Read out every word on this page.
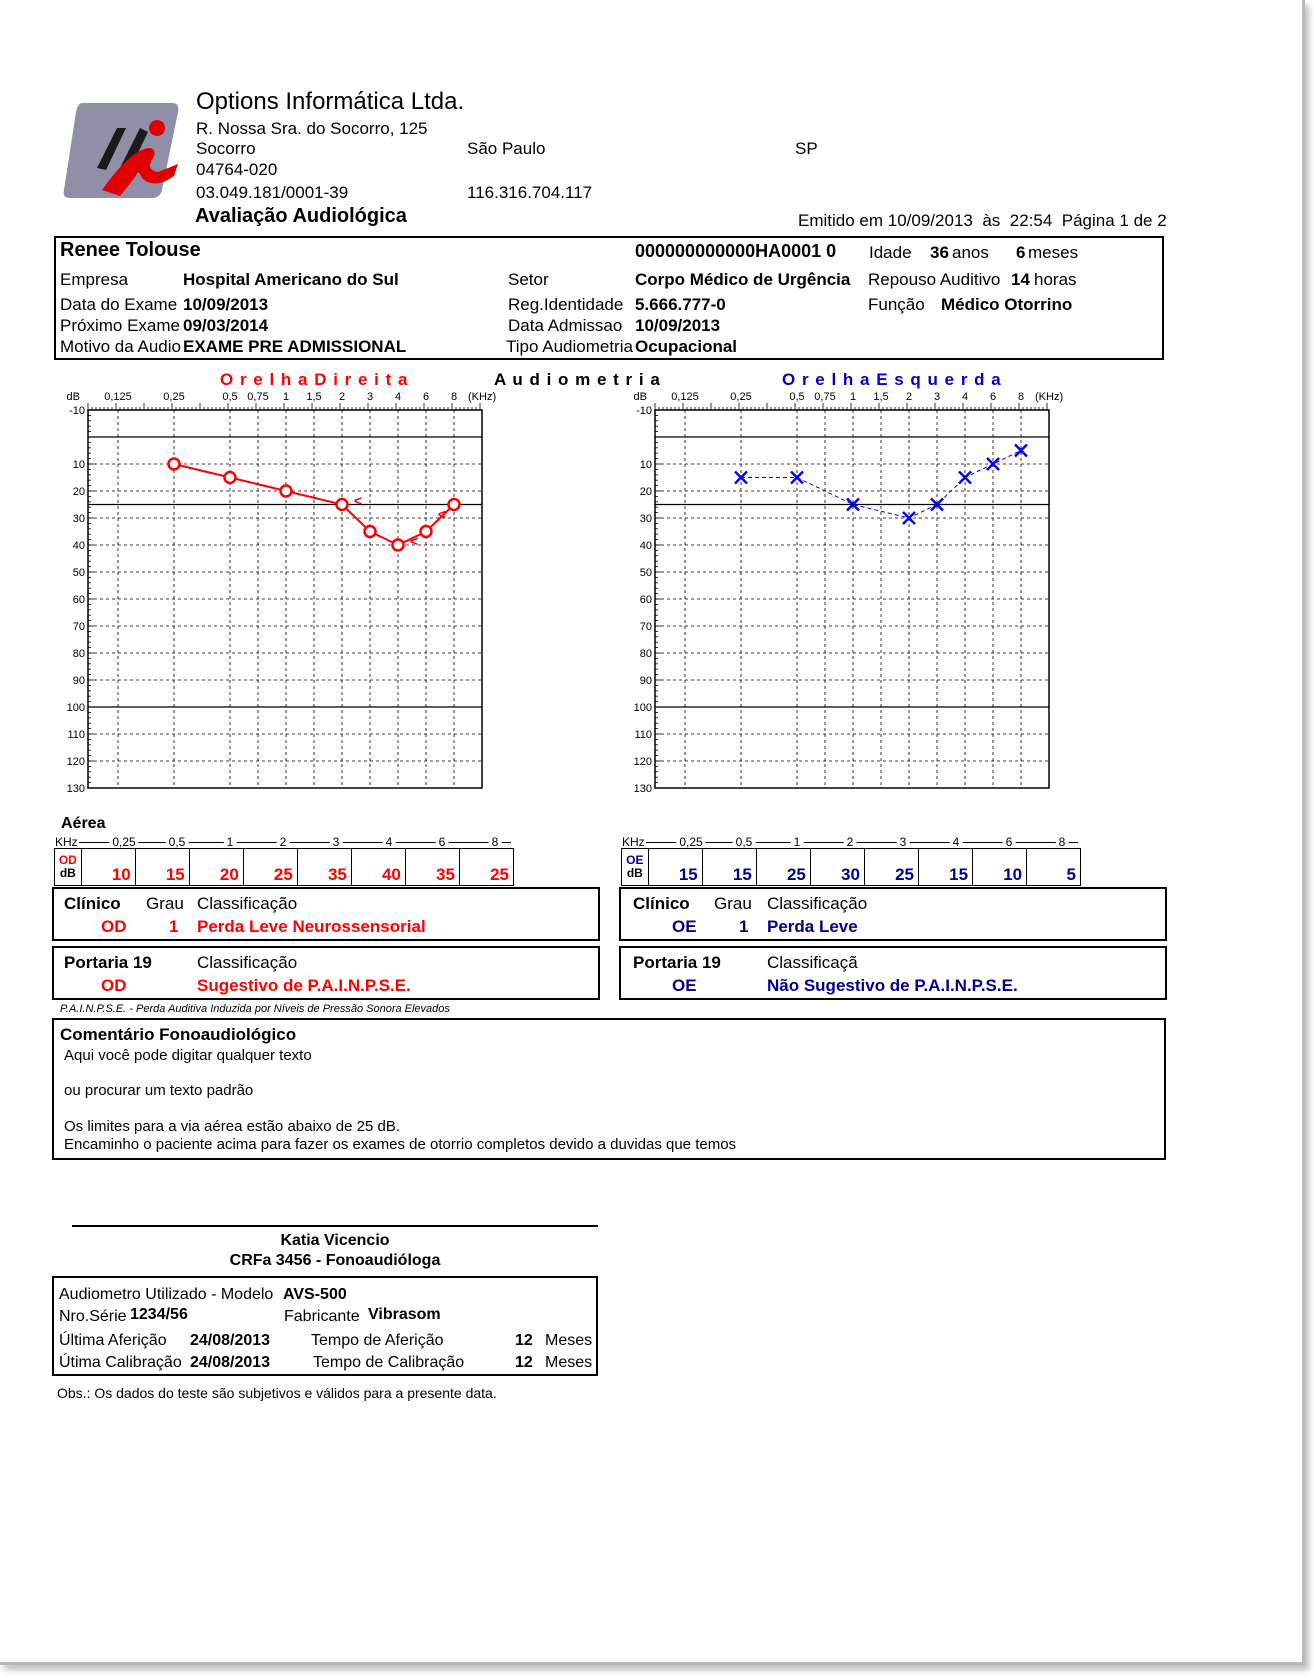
Options Informática Ltda.
R. Nossa Sra. do Socorro, 125
Socorro	São Paulo	SP
04764-020
03.049.181/0001-39	116.316.704.117
Avaliação Audiológica	Emitido em 10/09/2013 às 22:54 Página 1 de 2
Renee Tolouse	000000000000HA0001 0 Idade 36 anos 6 meses
Empresa	Hospital Americano do Sul	Setor	Corpo Médico de Urgência Repouso Auditivo 14 horas
Data do Exame 10/09/2013	Reg.Identidade 5.666.777-0	Função Médico Otorrino
Próximo Exame 09/03/2014	Data Admissao 10/09/2013
Motivo da Audio EXAME PRE ADMISSIONAL	Tipo Audiometria Ocupacional
O r e l h a D i r e i t a	A u d i o m e t r i a	O r e l h a E s q u e r d a
-10
10
20
30
40
50
60
70
80
90
100
110
120
130
0,125	0,25	0,5 0,75 1 1,5 2 3 4 6 8
dB	(KHz)
<
<
<
-10
10
20
30
40
50
60
70
80
90
100
110
120
130
0,125	0,25	0,5 0,75 1 1,5 2 3 4 6 8
dB	(KHz)
Aérea
KHz	0,25	0,5	1	2	3	4	6	8
OD
dB	10	15	20	25	35	40	35	25
KHz	0,25	0,5	1	2	3	4	6	8
OE
dB	15	15	25	30	25	15	10	5
Clínico Grau Classificação
OD	1 Perda Leve Neurossensorial
Clínico Grau Classificação
OE 1 Perda Leve
Portaria 19	Classificação
OD	Sugestivo de P.A.I.N.P.S.E.
Portaria 19	Classificaçã
OE	Não Sugestivo de P.A.I.N.P.S.E.
P.A.I.N.P.S.E. - Perda Auditiva Induzida por Níveis de Pressão Sonora Elevados
Comentário Fonoaudiológico
Aqui você pode digitar qualquer texto
ou procurar um texto padrão
Os limites para a via aérea estão abaixo de 25 dB.
Encaminho o paciente acima para fazer os exames de otorrio completos devido a duvidas que temos
Katia Vicencio
CRFa 3456 - Fonoaudióloga
Audiometro Utilizado - Modelo AVS-500
Nro.Série 1234/56	Fabricante Vibrasom
Última Aferição 24/08/2013	Tempo de Aferição	12 Meses
Útima Calibração 24/08/2013	Tempo de Calibração	12 Meses
Obs.: Os dados do teste são subjetivos e válidos para a presente data.
